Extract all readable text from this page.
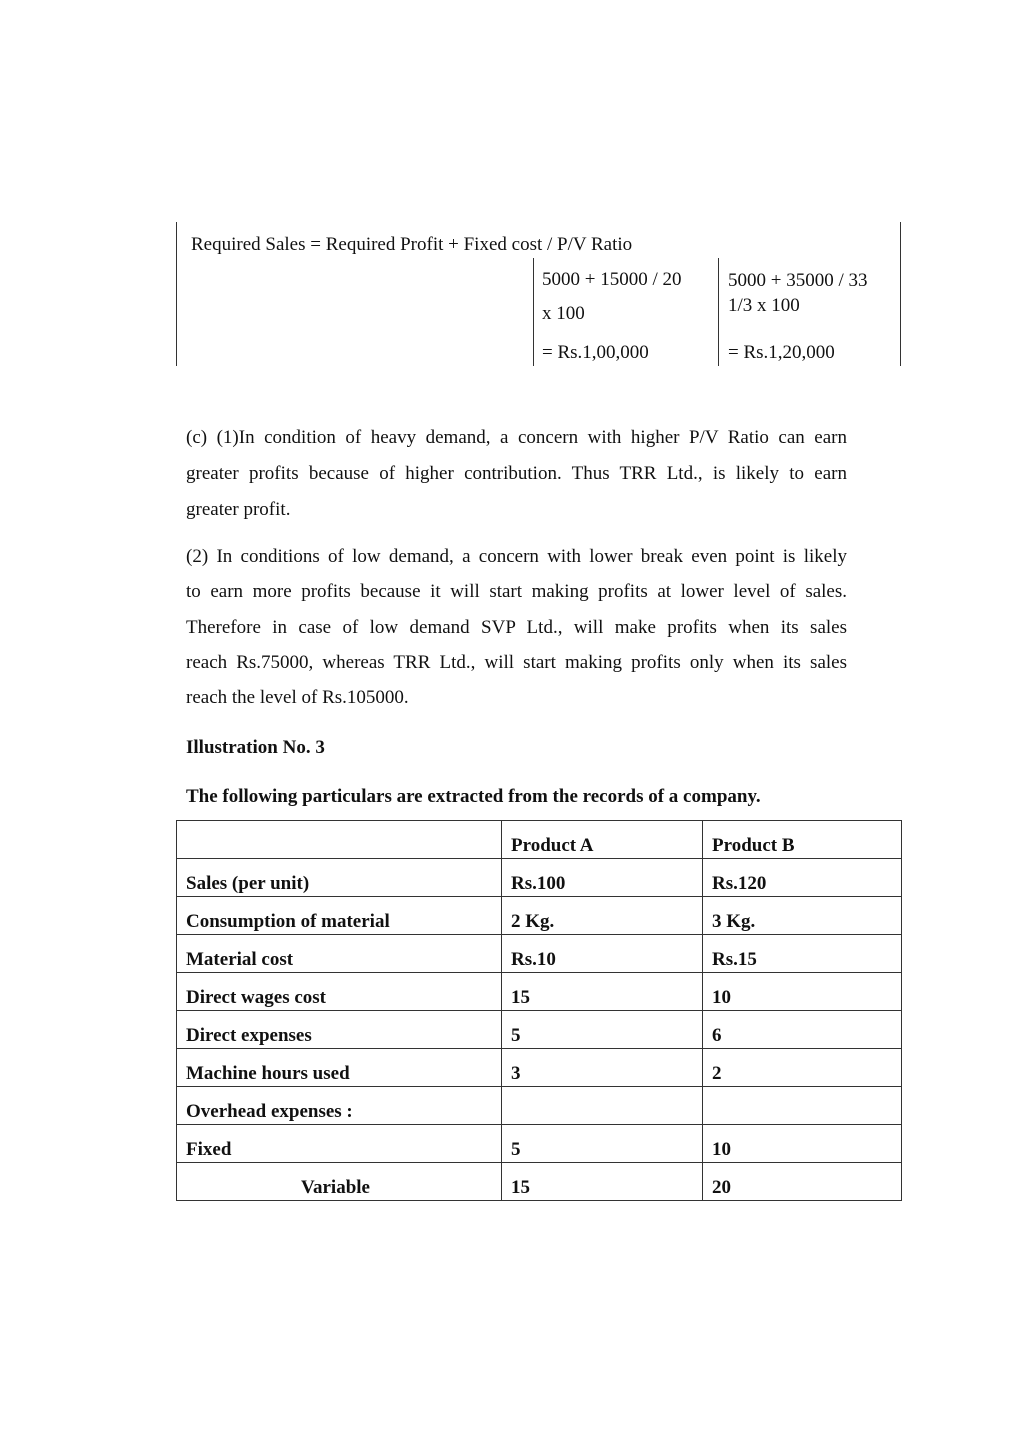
Required Sales = Required Profit + Fixed cost / P/V Ratio
5000 + 15000 / 20
x 100
= Rs.1,00,000
5000 + 35000 / 33
1/3 x 100
= Rs.1,20,000
(c) (1)In condition of heavy demand, a concern with higher P/V Ratio can earn
greater profits because of higher contribution. Thus TRR Ltd., is likely to earn
greater profit.
(2) In conditions of low demand, a concern with lower break even point is likely
to earn more profits because it will start making profits at lower level of sales.
Therefore in case of low demand SVP Ltd., will make profits when its sales
reach Rs.75000, whereas TRR Ltd., will start making profits only when its sales
reach the level of Rs.105000.
Illustration No. 3
The following particulars are extracted from the records of a company.
	Product A	Product B
Sales (per unit)	Rs.100	Rs.120
Consumption of material	2 Kg.	3 Kg.
Material cost	Rs.10	Rs.15
Direct wages cost	15	10
Direct expenses	5	6
Machine hours used	3	2
Overhead expenses :		
Fixed	5	10
Variable	15	20
